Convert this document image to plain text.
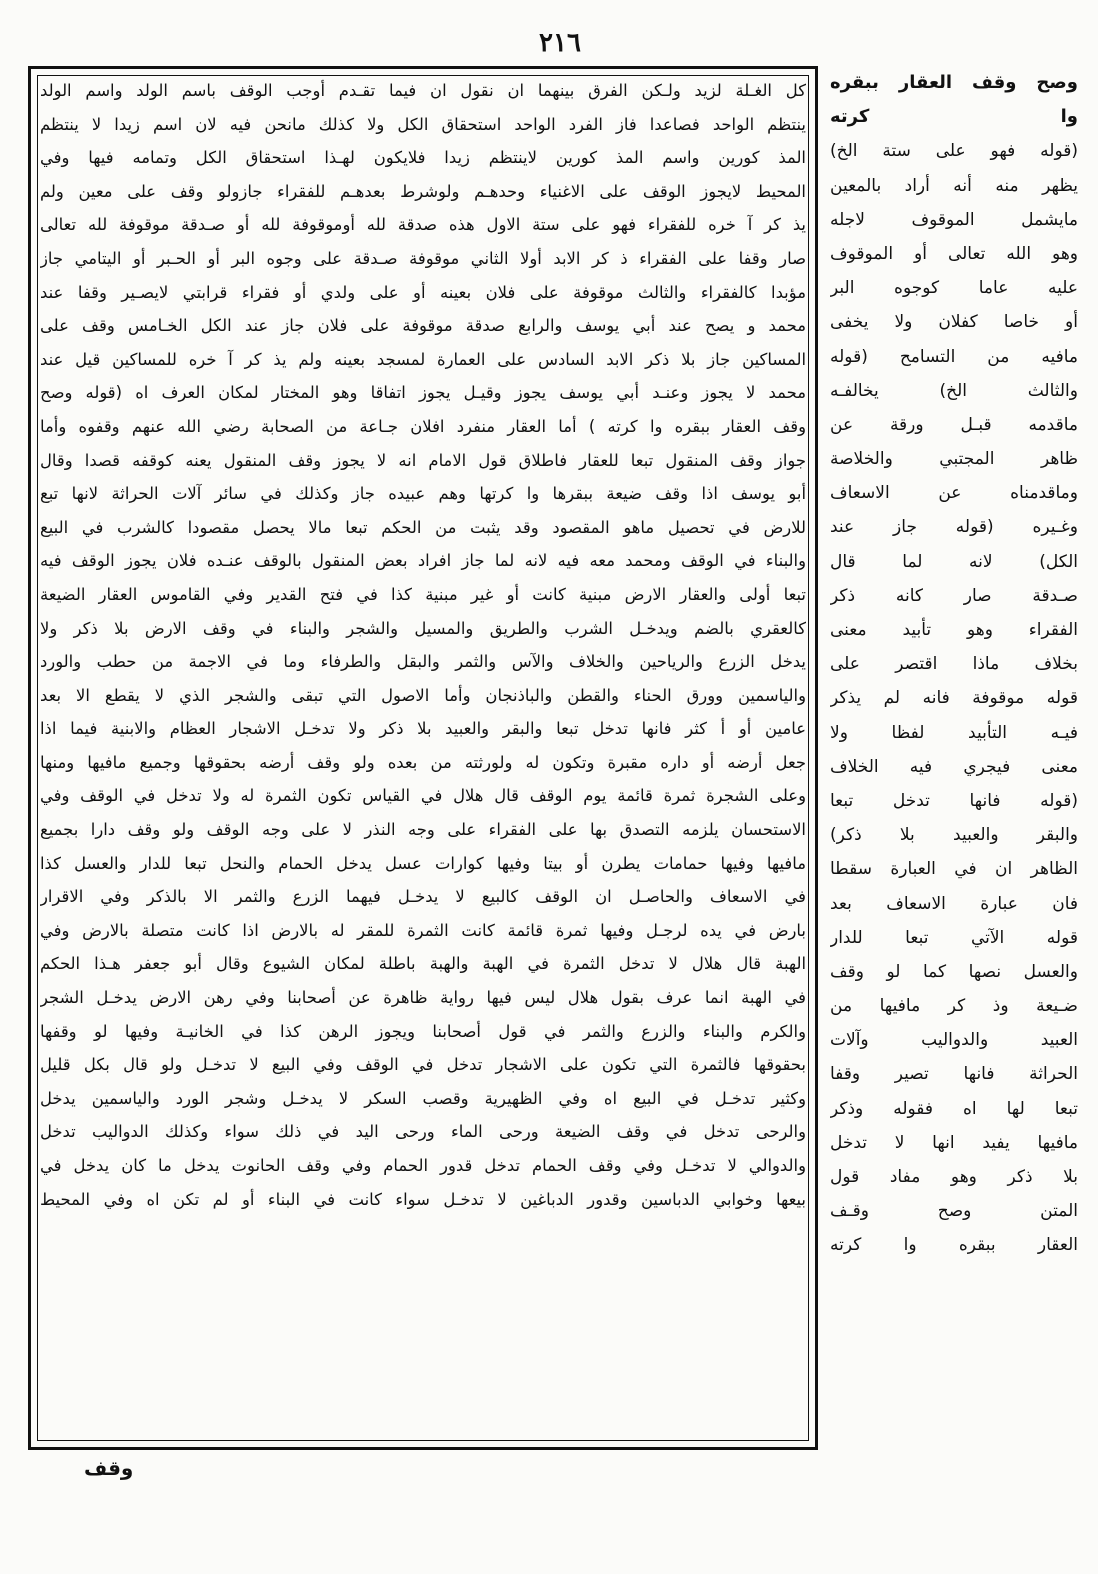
٢١٦
كل الغـلة لزيد ولـكن الفرق بينهما ان نقول ان فيما تقـدم أوجب الوقف باسم الولد واسم الولد
ينتظم الواحد فصاعدا فاز الفرد الواحد استحقاق الكل ولا كذلك مانحن فيه لان اسم زيدا لا ينتظم
المذ كورين واسم المذ كورين لاينتظم زيدا فلايكون لهـذا استحقاق الكل وتمامه فيها وفي
المحيط لايجوز الوقف على الاغنياء وحدهـم ولوشرط بعدهـم للفقراء جازولو وقف على معين ولم
يذ كر آ خره للفقراء فهو على ستة الاول هذه صدقة لله أوموقوفة لله أو صـدقة موقوفة لله تعالى
صار وقفا على الفقراء ذ كر الابد أولا الثاني موقوفة صـدقة على وجوه البر أو الحـبر أو اليتامي جاز
مؤبدا كالفقراء والثالث موقوفة على فلان بعينه أو على ولدي أو فقراء قرابتي لايصـير وقفا عند
محمد و يصح عند أبي يوسف والرابع صدقة موقوفة على فلان جاز عند الكل الخـامس وقف على
المساكين جاز بلا ذكر الابد السادس على العمارة لمسجد بعينه ولم يذ كر آ خره للمساكين قيل عند
محمد لا يجوز وعنـد أبي يوسف يجوز وقيـل يجوز اتفاقا وهو المختار لمكان العرف اه (قوله وصح
وقف العقار ببقره وا كرته ) أما العقار منفرد افلان جـاعة من الصحابة رضي الله عنهم وقفوه وأما
جواز وقف المنقول تبعا للعقار فاطلاق قول الامام انه لا يجوز وقف المنقول يعنه كوقفه قصدا وقال
أبو يوسف اذا وقف ضيعة ببقرها وا كرتها وهم عبيده جاز وكذلك في سائر آلات الحراثة لانها تبع
للارض في تحصيل ماهو المقصود وقد يثبت من الحكم تبعا مالا يحصل مقصودا كالشرب في البيع
والبناء في الوقف ومحمد معه فيه لانه لما جاز افراد بعض المنقول بالوقف عنـده فلان يجوز الوقف فيه
تبعا أولى والعقار الارض مبنية كانت أو غير مبنية كذا في فتح القدير وفي القاموس العقار الضيعة
كالعقري بالضم ويدخـل الشرب والطريق والمسيل والشجر والبناء في وقف الارض بلا ذكر ولا
يدخل الزرع والرياحين والخلاف والآس والثمر والبقل والطرفاء وما في الاجمة من حطب والورد
والياسمين وورق الحناء والقطن والباذنجان وأما الاصول التي تبقى والشجر الذي لا يقطع الا بعد
عامين أو أ كثر فانها تدخل تبعا والبقر والعبيد بلا ذكر ولا تدخـل الاشجار العظام والابنية فيما اذا
جعل أرضه أو داره مقبرة وتكون له ولورثته من بعده ولو وقف أرضه بحقوقها وجميع مافيها ومنها
وعلى الشجرة ثمرة قائمة يوم الوقف قال هلال في القياس تكون الثمرة له ولا تدخل في الوقف وفي
الاستحسان يلزمه التصدق بها على الفقراء على وجه النذر لا على وجه الوقف ولو وقف دارا بجميع
مافيها وفيها حمامات يطرن أو بيتا وفيها كوارات عسل يدخل الحمام والنحل تبعا للدار والعسل كذا
في الاسعاف والحاصـل ان الوقف كالبيع لا يدخـل فيهما الزرع والثمر الا بالذكر وفي الاقرار
بارض في يده لرجـل وفيها ثمرة قائمة كانت الثمرة للمقر له بالارض اذا كانت متصلة بالارض وفي
الهبة قال هلال لا تدخل الثمرة في الهبة والهبة باطلة لمكان الشيوع وقال أبو جعفر هـذا الحكم
في الهبة انما عرف بقول هلال ليس فيها رواية ظاهرة عن أصحابنا وفي رهن الارض يدخـل الشجر
والكرم والبناء والزرع والثمر في قول أصحابنا ويجوز الرهن كذا في الخانيـة وفيها لو وقفها
بحقوقها فالثمرة التي تكون على الاشجار تدخل في الوقف وفي البيع لا تدخـل ولو قال بكل قليل
وكثير تدخـل في البيع اه وفي الظهيرية وقصب السكر لا يدخـل وشجر الورد والياسمين يدخل
والرحى تدخل في وقف الضيعة ورحى الماء ورحى اليد في ذلك سواء وكذلك الدواليب تدخل
والدوالي لا تدخـل وفي وقف الحمام تدخل قدور الحمام وفي وقف الحانوت يدخل ما كان يدخل في
بيعها وخوابي الدباسين وقدور الدباغين لا تدخـل سواء كانت في البناء أو لم تكن اه وفي المحيط
وصح وقف العقار ببقره
وا كرته
(قوله فهو على ستة الخ)
يظهر منه أنه أراد بالمعين
مايشمل الموقوف لاجله
وهو الله تعالى أو الموقوف
عليه عاما كوجوه البر
أو خاصا كفلان ولا يخفى
مافيه من التسامح (قوله
والثالث الخ) يخالفـه
ماقدمه قبـل ورقة عن
ظاهر المجتبي والخلاصة
وماقدمناه عن الاسعاف
وغـيره (قوله جاز عند
الكل) لانه لما قال
صـدقة صار كانه ذكر
الفقراء وهو تأبيد معنى
بخلاف ماذا اقتصر على
قوله موقوفة فانه لم يذكر
فيـه التأبيد لفظا ولا
معنى فيجري فيه الخلاف
(قوله فانها تدخل تبعا
والبقر والعبيد بلا ذكر)
الظاهر ان في العبارة سقطا
فان عبارة الاسعاف بعد
قوله الآتي تبعا للدار
والعسل نصها كما لو وقف
ضـيعة وذ كر مافيها من
العبيد والدواليب وآلات
الحراثة فانها تصير وقفا
تبعا لها اه فقوله وذكر
مافيها يفيد انها لا تدخل
بلا ذكر وهو مفاد قول
المتن وصح وقـف
العقار ببقره وا كرته
وقف
